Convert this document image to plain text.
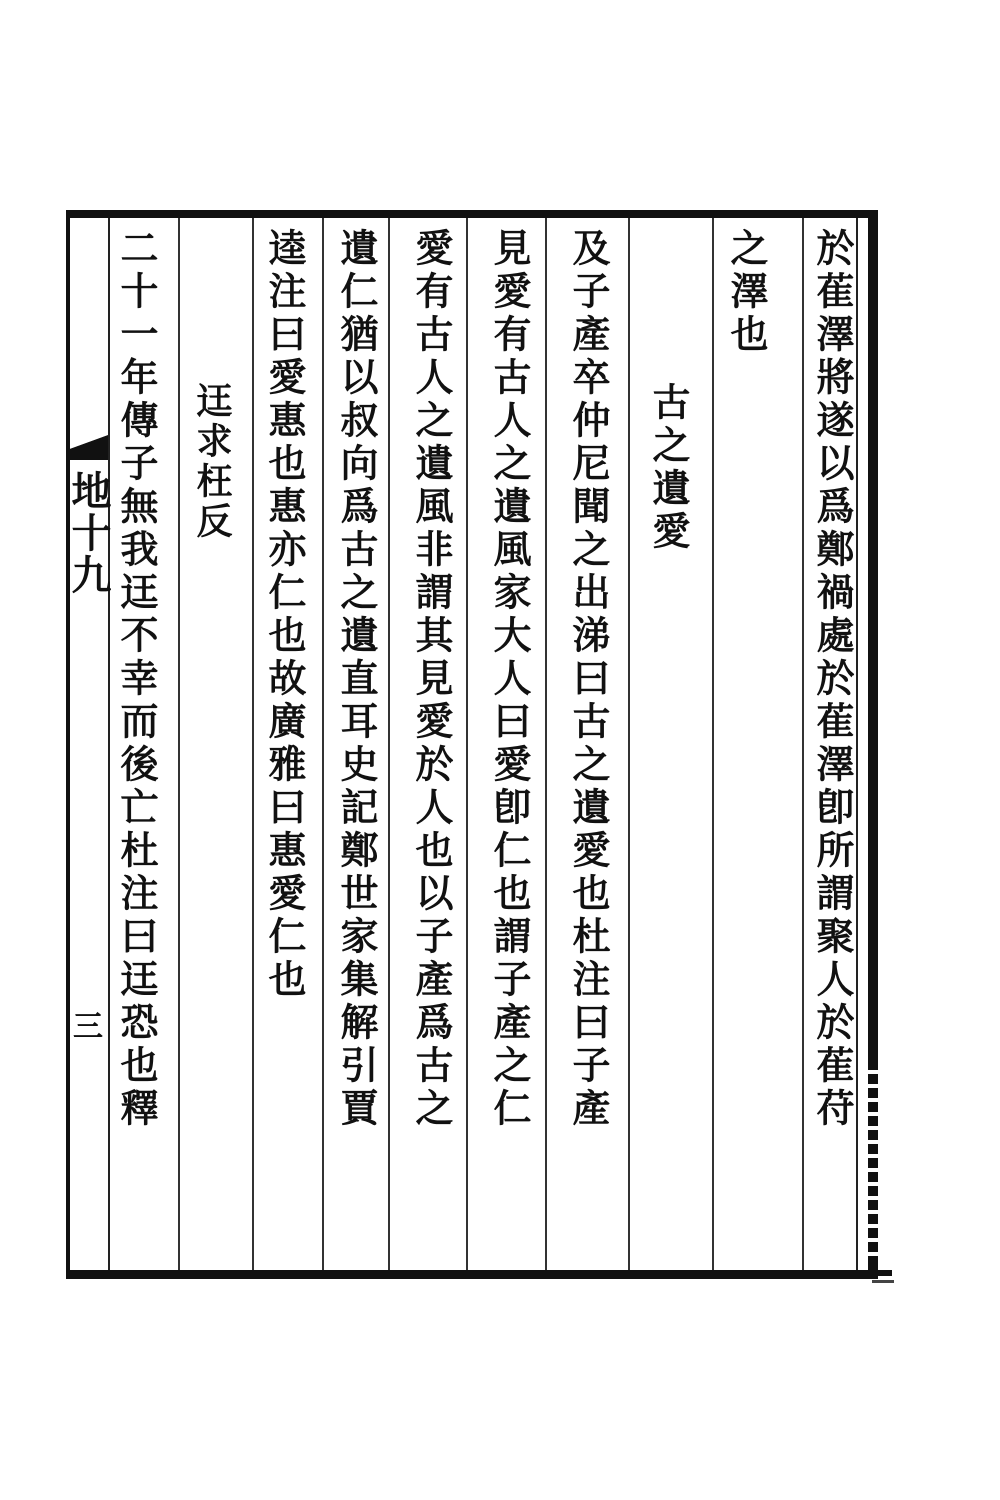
地十九
三	於萑澤將遂以爲鄭禍處於萑澤卽所謂聚人於萑苻
之澤也
古之遺愛
及子產卒仲尼聞之出涕曰古之遺愛也杜注曰子產
見愛有古人之遺風家大人曰愛卽仁也謂子產之仁
愛有古人之遺風非謂其見愛於人也以子產爲古之
遺仁猶以叔向爲古之遺直耳史記鄭世家集解引賈
逵注曰愛惠也惠亦仁也故廣雅曰惠愛仁也
迋求枉反
二十一年傳子無我迋不幸而後亡杜注曰迋恐也釋
